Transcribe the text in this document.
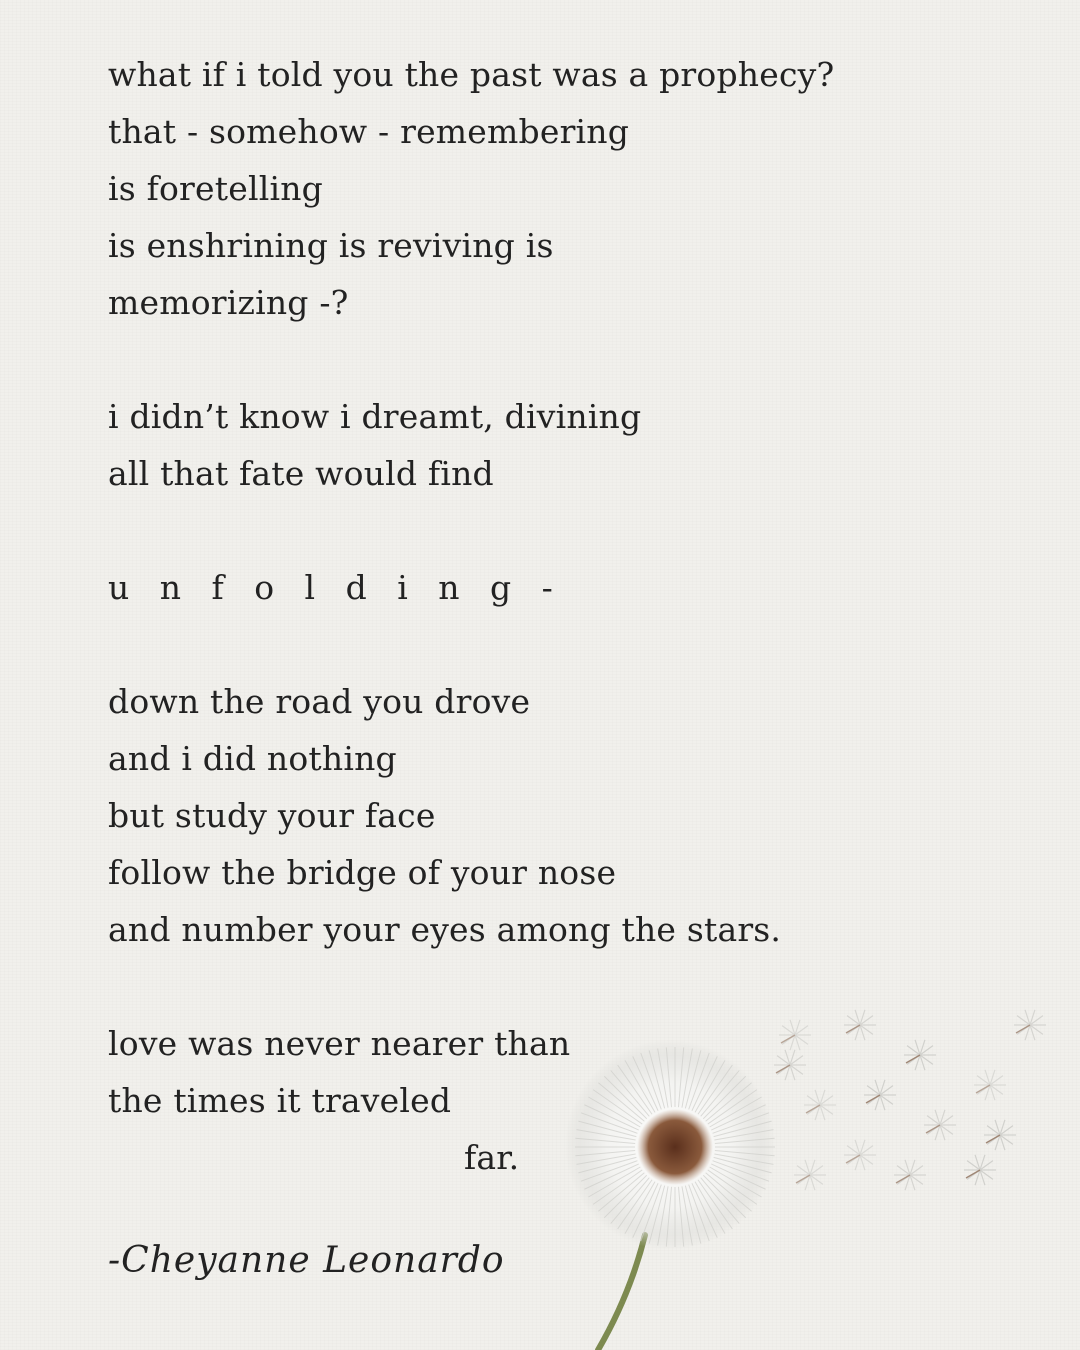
what if i told you the past was a prophecy?
that - somehow - remembering
is foretelling
is enshrining is reviving is
memorizing -?
i didn’t know i dreamt, divining
all that fate would find
u n f o l d i n g -
down the road you drove
and i did nothing
but study your face
follow the bridge of your nose
and number your eyes among the stars.
love was never nearer than
the times it traveled
far.
-Cheyanne Leonardo
